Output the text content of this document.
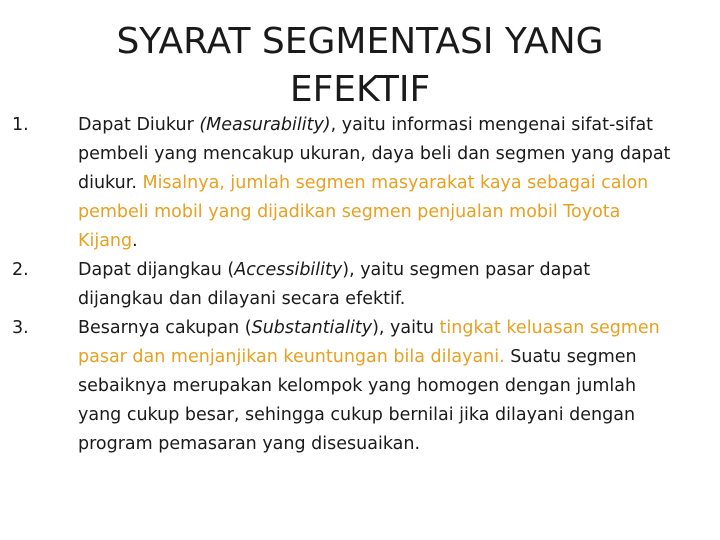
SYARAT SEGMENTASI YANG EFEKTIF
1.	Dapat Diukur (Measurability), yaitu informasi mengenai sifat-sifat pembeli yang mencakup ukuran, daya beli dan segmen yang dapat diukur. Misalnya, jumlah segmen masyarakat kaya sebagai calon pembeli mobil yang dijadikan segmen penjualan mobil Toyota Kijang.
2.	Dapat dijangkau (Accessibility), yaitu segmen pasar dapat dijangkau dan dilayani secara efektif.
3.	Besarnya cakupan (Substantiality), yaitu tingkat keluasan segmen pasar dan menjanjikan keuntungan bila dilayani. Suatu segmen sebaiknya merupakan kelompok yang homogen dengan jumlah yang cukup besar, sehingga cukup bernilai jika dilayani dengan program pemasaran yang disesuaikan.
